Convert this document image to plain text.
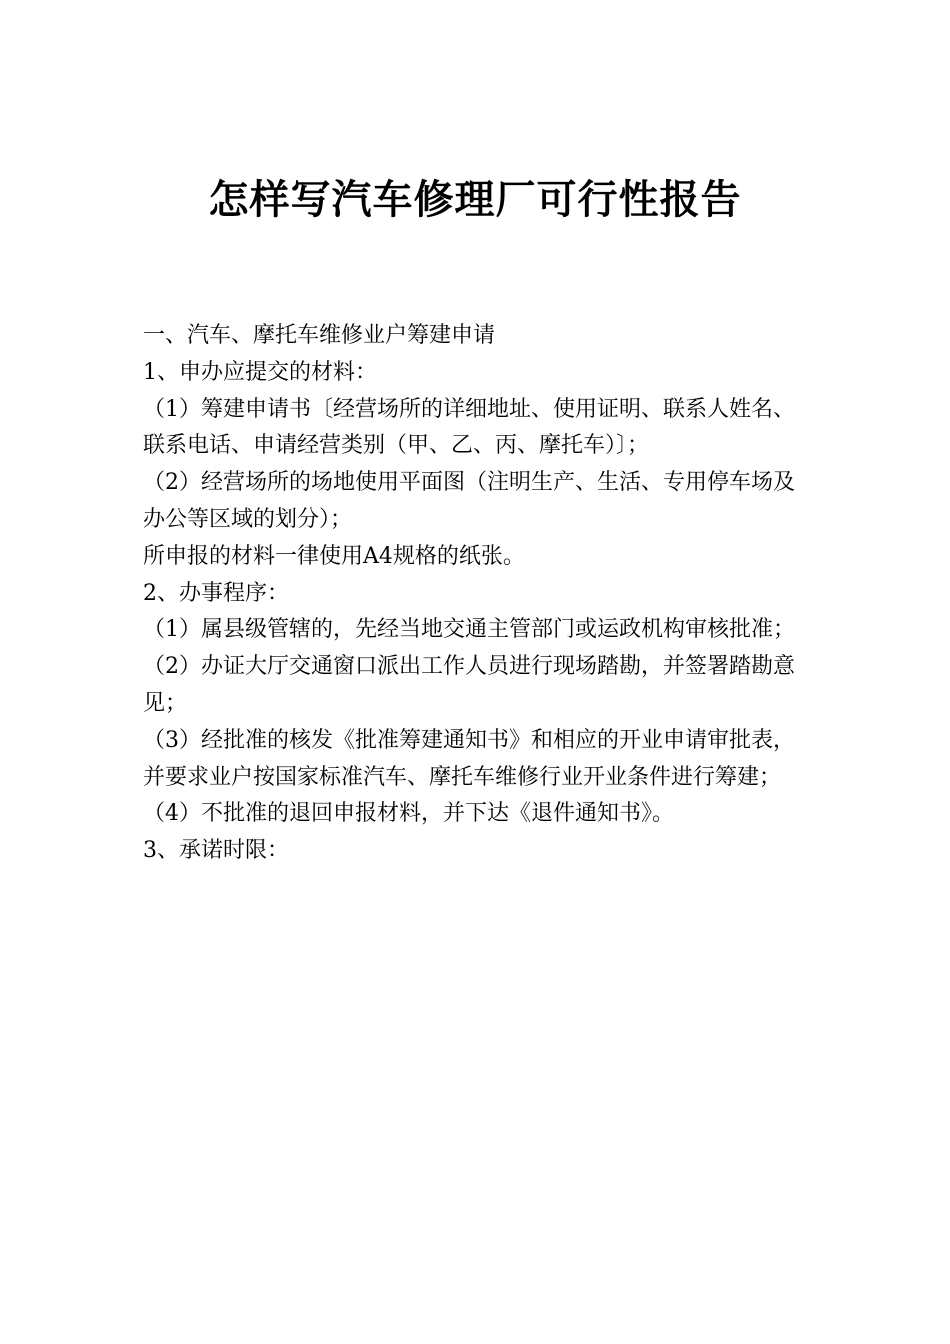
怎样写汽车修理厂可行性报告

一、汽车、摩托车维修业户筹建申请

1、申办应提交的材料：

（1）筹建申请书〔经营场所的详细地址、使用证明、联系人姓名、联系电话、申请经营类别（甲、乙、丙、摩托车）〕；

（2）经营场所的场地使用平面图（注明生产、生活、专用停车场及办公等区域的划分）；

所申报的材料一律使用A4规格的纸张。

2、办事程序：

（1）属县级管辖的，先经当地交通主管部门或运政机构审核批准；

（2）办证大厅交通窗口派出工作人员进行现场踏勘，并签署踏勘意见；

（3）经批准的核发《批准筹建通知书》和相应的开业申请审批表，并要求业户按国家标准汽车、摩托车维修行业开业条件进行筹建；

（4）不批准的退回申报材料，并下达《退件通知书》。

3、承诺时限：
